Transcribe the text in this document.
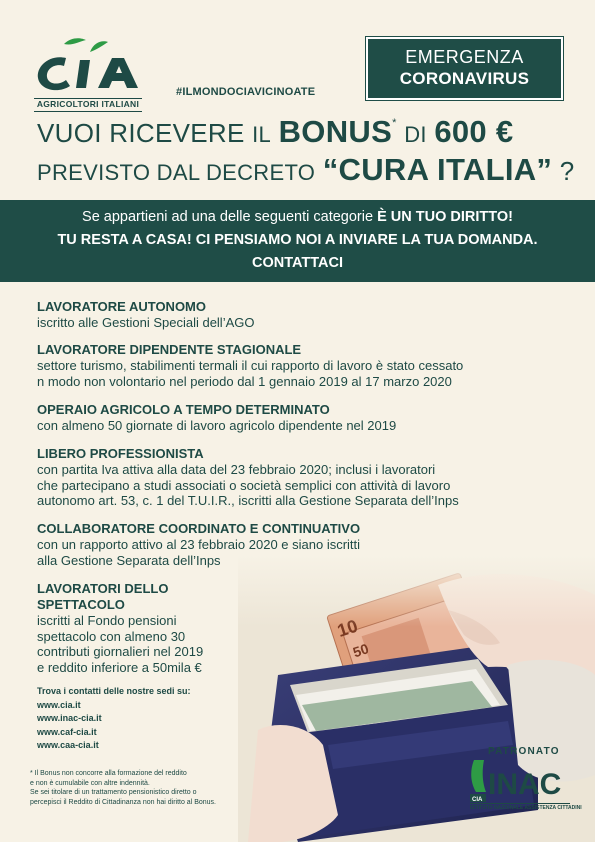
AGRICOLTORI ITALIANI
#ILMONDOCIAVICINOATE
EMERGENZA
CORONAVIRUS
VUOI RICEVERE IL BONUS* DI 600 €
PREVISTO DAL DECRETO “CURA ITALIA” ?
Se appartieni ad una delle seguenti categorie È UN TUO DIRITTO!
TU RESTA A CASA! CI PENSIAMO NOI A INVIARE LA TUA DOMANDA.
CONTATTACI
LAVORATORE AUTONOMO
iscritto alle Gestioni Speciali dell’AGO
LAVORATORE DIPENDENTE STAGIONALE
settore turismo, stabilimenti termali il cui rapporto di lavoro è stato cessato
n modo non volontario nel periodo dal 1 gennaio 2019 al 17 marzo 2020
OPERAIO AGRICOLO A TEMPO DETERMINATO
con almeno 50 giornate di lavoro agricolo dipendente nel 2019
LIBERO PROFESSIONISTA
con partita Iva attiva alla data del 23 febbraio 2020; inclusi i lavoratori
che partecipano a studi associati o società semplici con attività di lavoro
autonomo art. 53, c. 1 del T.U.I.R., iscritti alla Gestione Separata dell’Inps
COLLABORATORE COORDINATO E CONTINUATIVO
con un rapporto attivo al 23 febbraio 2020 e siano iscritti
alla Gestione Separata dell’Inps
LAVORATORI DELLO SPETTACOLO
iscritti al Fondo pensioni
spettacolo con almeno 30
contributi giornalieri nel 2019
e reddito inferiore a 50mila €
Trova i contatti delle nostre sedi su:
www.cia.it
www.inac-cia.it
www.caf-cia.it
www.caa-cia.it
* Il Bonus non concorre alla formazione del reddito
e non è cumulabile con altre indennità.
Se sei titolare di un trattamento pensionistico diretto o
percepisci il Reddito di Cittadinanza non hai diritto al Bonus.
PATRONATO
INAC
CIA
ISTITUTO NAZIONALE ASSISTENZA CITTADINI
